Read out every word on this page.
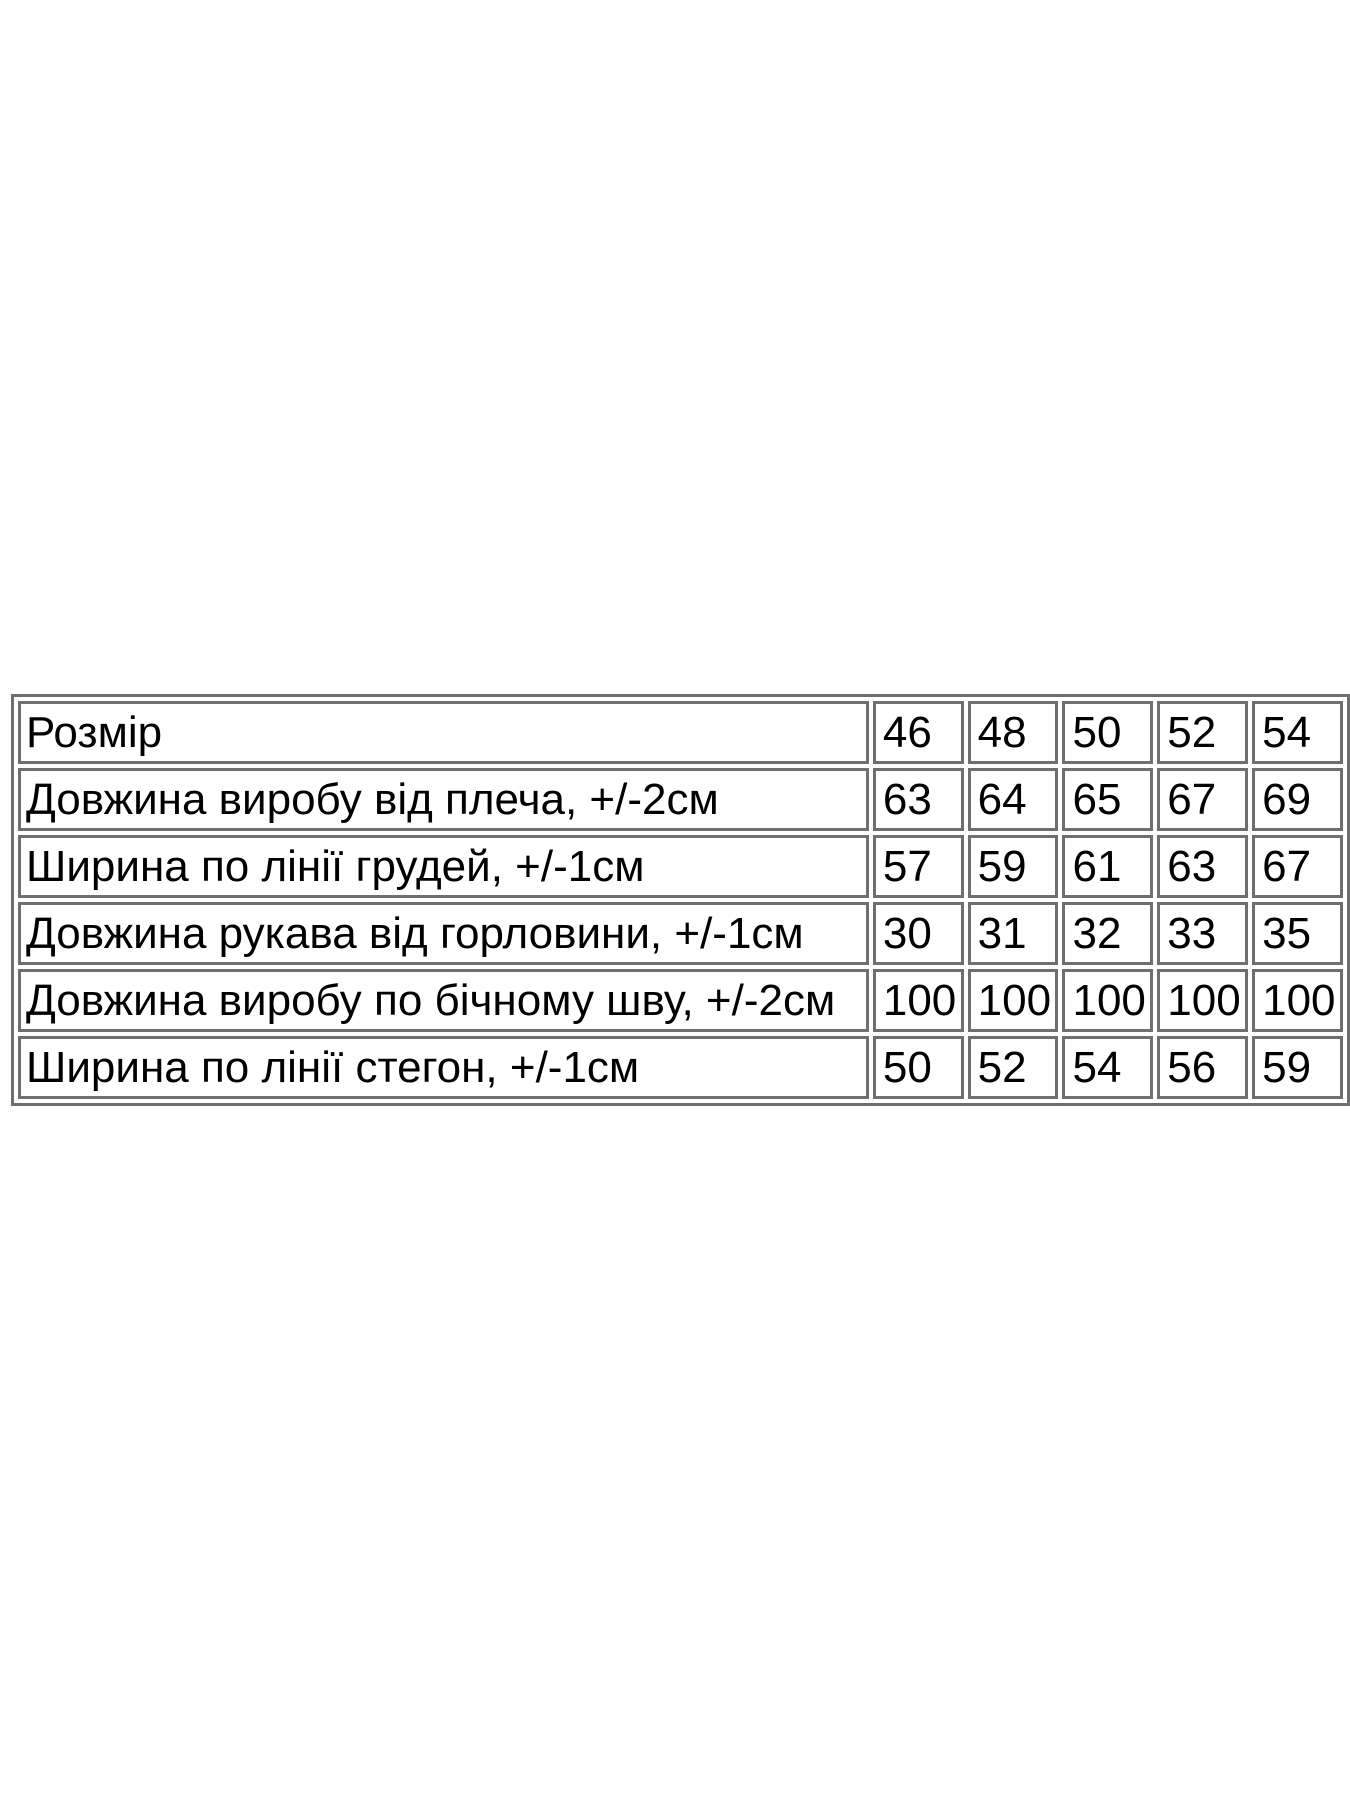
Розмір	46	48	50	52	54
Довжина виробу від плеча, +/-2см	63	64	65	67	69
Ширина по лінії грудей, +/-1см	57	59	61	63	67
Довжина рукава від горловини, +/-1см	30	31	32	33	35
Довжина виробу по бічному шву, +/-2см	100	100	100	100	100
Ширина по лінії стегон, +/-1см	50	52	54	56	59
